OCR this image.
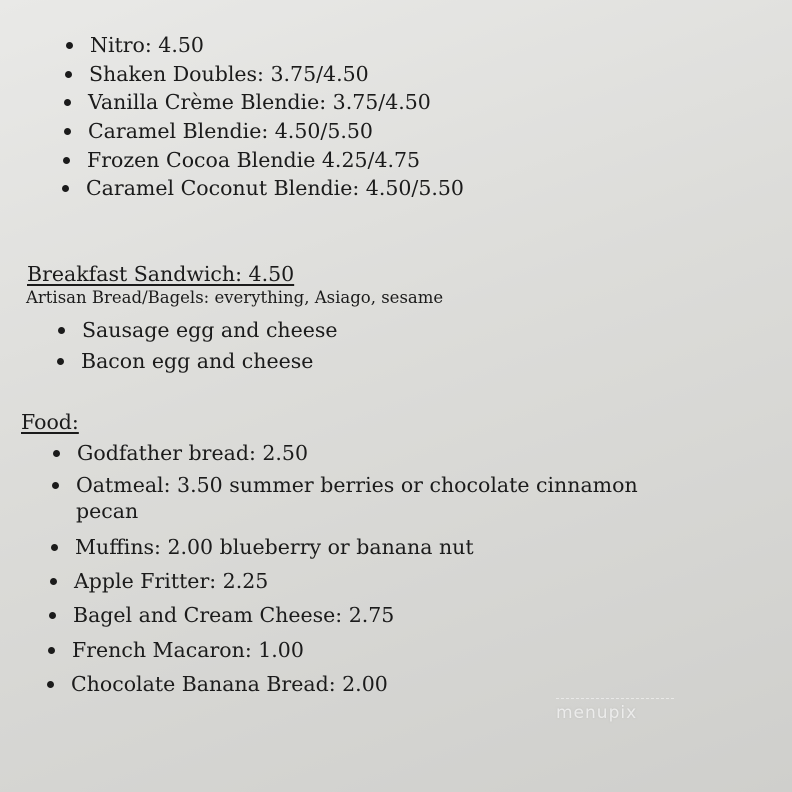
Nitro: 4.50
Shaken Doubles: 3.75/4.50
Vanilla Crème Blendie: 3.75/4.50
Caramel Blendie: 4.50/5.50
Frozen Cocoa Blendie 4.25/4.75
Caramel Coconut Blendie: 4.50/5.50
Breakfast Sandwich: 4.50
Artisan Bread/Bagels: everything, Asiago, sesame
Sausage egg and cheese
Bacon egg and cheese
Food:
Godfather bread: 2.50
Oatmeal: 3.50 summer berries or chocolate cinnamon
pecan
Muffins: 2.00 blueberry or banana nut
Apple Fritter: 2.25
Bagel and Cream Cheese: 2.75
French Macaron: 1.00
Chocolate Banana Bread: 2.00
menupix
